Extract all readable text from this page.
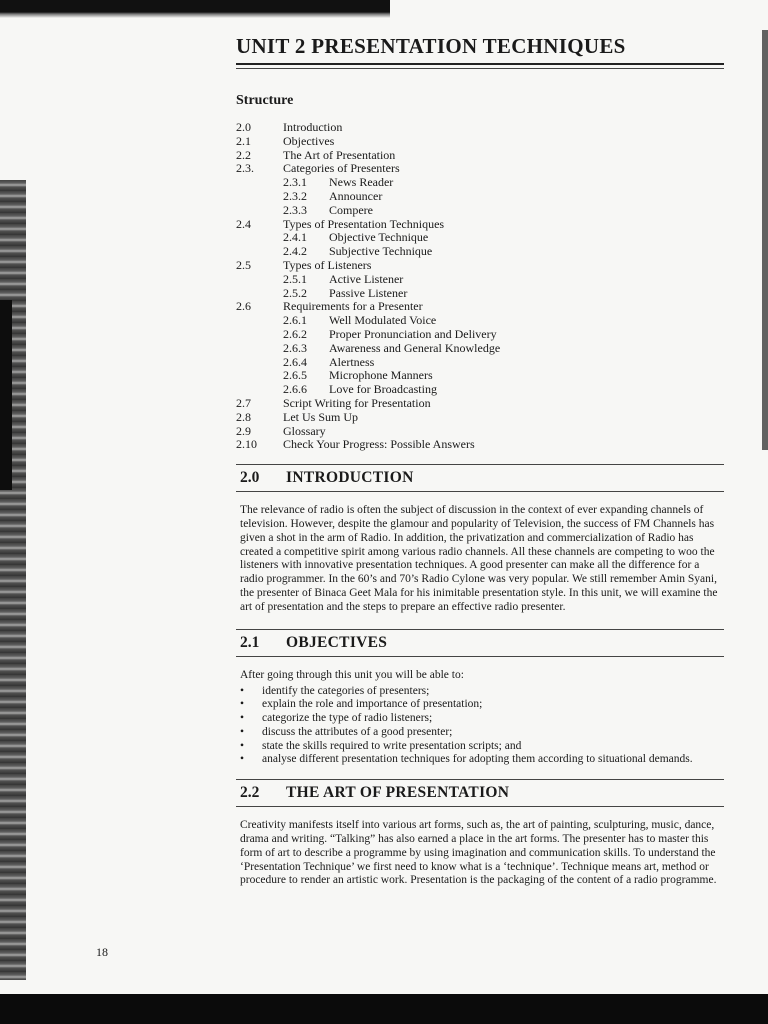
UNIT 2 PRESENTATION TECHNIQUES
Structure
2.0	Introduction
2.1	Objectives
2.2	The Art of Presentation
2.3.	Categories of Presenters
2.3.1	News Reader
2.3.2	Announcer
2.3.3	Compere
2.4	Types of Presentation Techniques
2.4.1	Objective Technique
2.4.2	Subjective Technique
2.5	Types of Listeners
2.5.1	Active Listener
2.5.2	Passive Listener
2.6	Requirements for a Presenter
2.6.1	Well Modulated Voice
2.6.2	Proper Pronunciation and Delivery
2.6.3	Awareness and General Knowledge
2.6.4	Alertness
2.6.5	Microphone Manners
2.6.6	Love for Broadcasting
2.7	Script Writing for Presentation
2.8	Let Us Sum Up
2.9	Glossary
2.10	Check Your Progress: Possible Answers
2.0	INTRODUCTION

The relevance of radio is often the subject of discussion in the context of ever expanding channels of television. However, despite the glamour and popularity of Television, the success of FM Channels has given a shot in the arm of Radio. In addition, the privatization and commercialization of Radio has created a competitive spirit among various radio channels. All these channels are competing to woo the listeners with innovative presentation techniques. A good presenter can make all the difference for a radio programmer. In the 60’s and 70’s Radio Cylone was very popular. We still remember Amin Syani, the presenter of Binaca Geet Mala for his inimitable presentation style. In this unit, we will examine the art of presentation and the steps to prepare an effective radio presenter.

2.1	OBJECTIVES
After going through this unit you will be able to:
•	identify the categories of presenters;
•	explain the role and importance of presentation;
•	categorize the type of radio listeners;
•	discuss the attributes of a good presenter;
•	state the skills required to write presentation scripts; and
•	analyse different presentation techniques for adopting them according to situational demands.
2.2	THE ART OF PRESENTATION

Creativity manifests itself into various art forms, such as, the art of painting, sculpturing, music, dance, drama and writing. “Talking” has also earned a place in the art forms. The presenter has to master this form of art to describe a programme by using imagination and communication skills. To understand the ‘Presentation Technique’ we first need to know what is a ‘technique’. Technique means art, method or procedure to render an artistic work. Presentation is the packaging of the content of a radio programme.

18
